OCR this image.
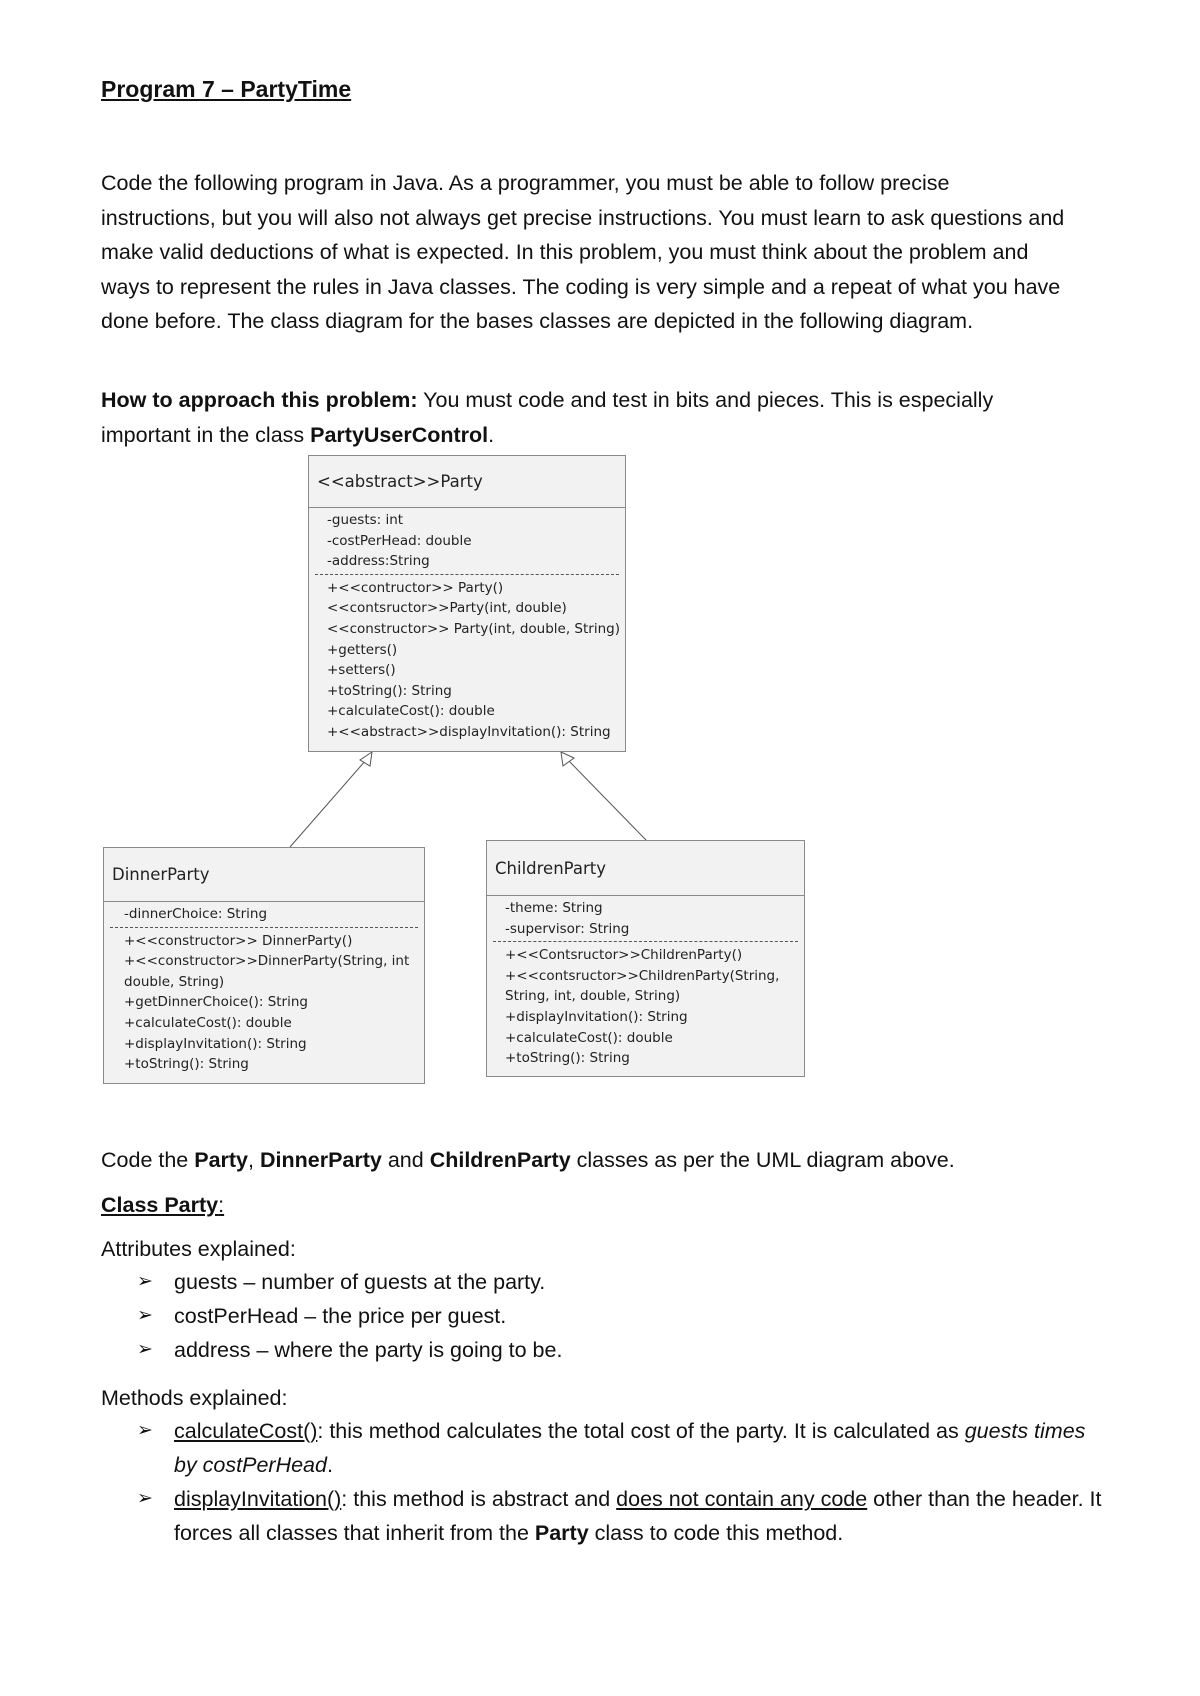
Program 7 – PartyTime

Code the following program in Java. As a programmer, you must be able to follow precise
instructions, but you will also not always get precise instructions. You must learn to ask questions and
make valid deductions of what is expected. In this problem, you must think about the problem and
ways to represent the rules in Java classes. The coding is very simple and a repeat of what you have
done before. The class diagram for the bases classes are depicted in the following diagram.

How to approach this problem: You must code and test in bits and pieces. This is especially
important in the class PartyUserControl.

<<abstract>>Party
-guests: int
-costPerHead: double
-address:String
+<<contructor>> Party()
<<contsructor>>Party(int, double)
<<constructor>> Party(int, double, String)
+getters()
+setters()
+toString(): String
+calculateCost(): double
+<<abstract>>displayInvitation(): String
DinnerParty
-dinnerChoice: String
+<<constructor>> DinnerParty()
+<<constructor>>DinnerParty(String, int double, String)
+getDinnerChoice(): String
+calculateCost(): double
+displayInvitation(): String
+toString(): String
ChildrenParty
-theme: String
-supervisor: String
+<<Contsructor>>ChildrenParty()
+<<contsructor>>ChildrenParty(String, String, int, double, String)
+displayInvitation(): String
+calculateCost(): double
+toString(): String

Code the Party, DinnerParty and ChildrenParty classes as per the UML diagram above.

Class Party:

Attributes explained:

➢ guests – number of guests at the party.
➢ costPerHead – the price per guest.
➢ address – where the party is going to be.

Methods explained:

➢ calculateCost(): this method calculates the total cost of the party. It is calculated as guests times by costPerHead.
➢ displayInvitation(): this method is abstract and does not contain any code other than the header. It forces all classes that inherit from the Party class to code this method.
